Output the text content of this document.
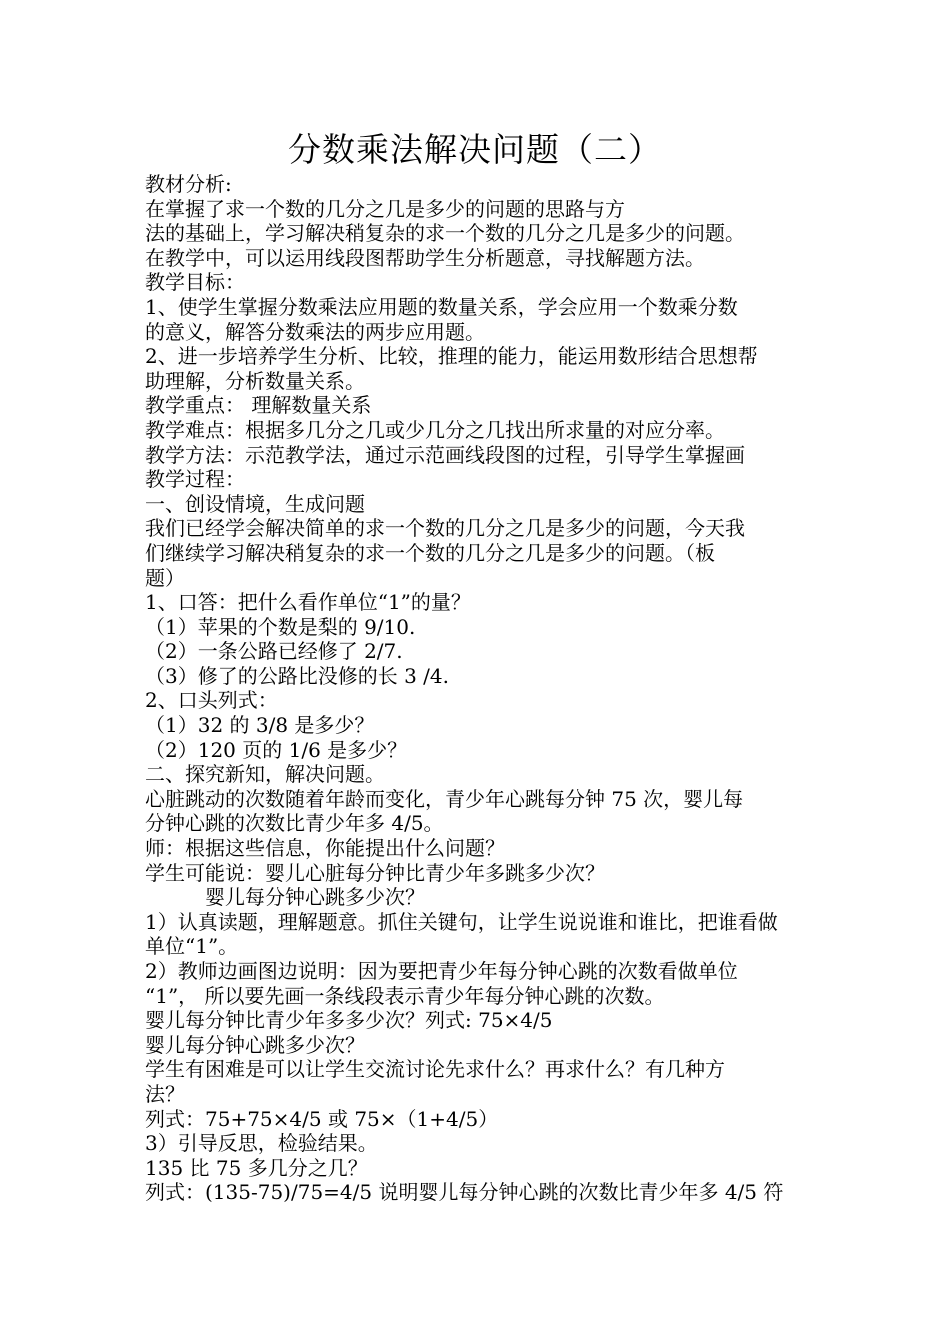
分数乘法解决问题（二）
教材分析:
在掌握了求一个数的几分之几是多少的问题的思路与方
法的基础上，学习解决稍复杂的求一个数的几分之几是多少的问题。
在教学中，可以运用线段图帮助学生分析题意，寻找解题方法。
教学目标：
1、使学生掌握分数乘法应用题的数量关系，学会应用一个数乘分数
的意义，解答分数乘法的两步应用题。
2、进一步培养学生分析、比较，推理的能力，能运用数形结合思想帮
助理解，分析数量关系。
教学重点： 理解数量关系
教学难点：根据多几分之几或少几分之几找出所求量的对应分率。
教学方法：示范教学法，通过示范画线段图的过程，引导学生掌握画
教学过程：
一、创设情境，生成问题
我们已经学会解决简单的求一个数的几分之几是多少的问题，今天我
们继续学习解决稍复杂的求一个数的几分之几是多少的问题。（板
题）
1、口答：把什么看作单位“1”的量？
（1）苹果的个数是梨的 9/10.
（2）一条公路已经修了 2/7.
（3）修了的公路比没修的长 3 /4.
2、口头列式：
（1）32 的 3/8 是多少？
（2）120 页的 1/6 是多少？
二、探究新知，解决问题。
心脏跳动的次数随着年龄而变化，青少年心跳每分钟 75 次，婴儿每
分钟心跳的次数比青少年多 4/5。
师：根据这些信息，你能提出什么问题？
学生可能说：婴儿心脏每分钟比青少年多跳多少次？
　　　婴儿每分钟心跳多少次？
1）认真读题，理解题意。抓住关键句，让学生说说谁和谁比，把谁看做
单位“1”。
2）教师边画图边说明：因为要把青少年每分钟心跳的次数看做单位
“1”， 所以要先画一条线段表示青少年每分钟心跳的次数。
婴儿每分钟比青少年多多少次？列式: 75×4/5
婴儿每分钟心跳多少次？
学生有困难是可以让学生交流讨论先求什么？再求什么？有几种方
法？
列式：75+75×4/5 或 75×（1+4/5）
3）引导反思，检验结果。
135 比 75 多几分之几？
列式：(135-75)/75=4/5 说明婴儿每分钟心跳的次数比青少年多 4/5 符
